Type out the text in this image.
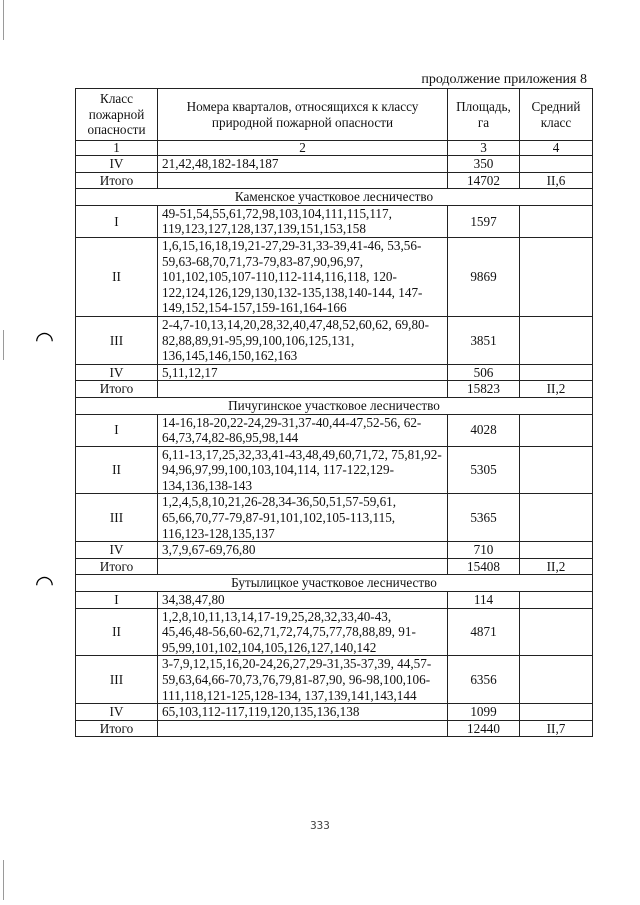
◠
◠
продолжение приложения 8
Класс пожарной опасности	Номера кварталов, относящихся к классу природной пожарной опасности	Площадь, га	Средний класс
1	2	3	4
IV	21,42,48,182-184,187	350	
Итого		14702	II,6
Каменское участковое лесничество			
I	49-51,54,55,61,72,98,103,104,111,115,117, 119,123,127,128,137,139,151,153,158	1597	
II	1,6,15,16,18,19,21-27,29-31,33-39,41-46, 53,56-59,63-68,70,71,73-79,83-87,90,96,97, 101,102,105,107-110,112-114,116,118, 120-122,124,126,129,130,132-135,138,140-144, 147-149,152,154-157,159-161,164-166	9869	
III	2-4,7-10,13,14,20,28,32,40,47,48,52,60,62, 69,80-82,88,89,91-95,99,100,106,125,131, 136,145,146,150,162,163	3851	
IV	5,11,12,17	506	
Итого		15823	II,2
Пичугинское участковое лесничество			
I	14-16,18-20,22-24,29-31,37-40,44-47,52-56, 62-64,73,74,82-86,95,98,144	4028	
II	6,11-13,17,25,32,33,41-43,48,49,60,71,72, 75,81,92-94,96,97,99,100,103,104,114, 117-122,129-134,136,138-143	5305	
III	1,2,4,5,8,10,21,26-28,34-36,50,51,57-59,61, 65,66,70,77-79,87-91,101,102,105-113,115, 116,123-128,135,137	5365	
IV	3,7,9,67-69,76,80	710	
Итого		15408	II,2
Бутылицкое участковое лесничество			
I	34,38,47,80	114	
II	1,2,8,10,11,13,14,17-19,25,28,32,33,40-43, 45,46,48-56,60-62,71,72,74,75,77,78,88,89, 91-95,99,101,102,104,105,126,127,140,142	4871	
III	3-7,9,12,15,16,20-24,26,27,29-31,35-37,39, 44,57-59,63,64,66-70,73,76,79,81-87,90, 96-98,100,106-111,118,121-125,128-134, 137,139,141,143,144	6356	
IV	65,103,112-117,119,120,135,136,138	1099	
Итого		12440	II,7
333
